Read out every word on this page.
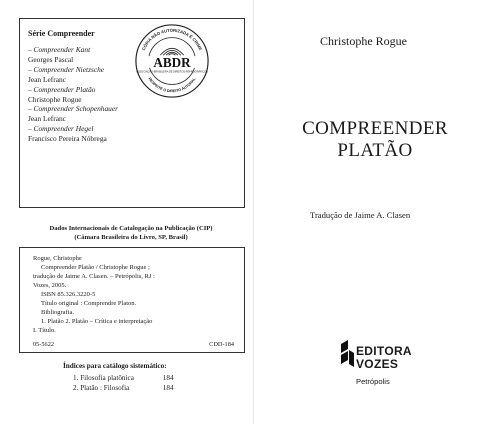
Série Compreender
– Compreender Kant
Georges Pascal
– Compreender Nietzsche
Jean Lefranc
– Compreender Platão
Christophe Rogue
– Compreender Schopenhauer
Jean Lefranc
– Compreender Hegel
Francisco Pereira Nóbrega
ABDR
CÓPIA NÃO AUTORIZADA É CRIME
ASSOCIAÇÃO BRASILEIRA DE DIREITOS REPROGRÁFICOS
RESPEITE O DIREITO AUTORAL
Dados Internacionais de Catalogação na Publicação (CIP)
(Câmara Brasileira do Livro, SP, Brasil)
Rogue, Christophe
Compreender Platão / Christophe Rogue ;
tradução de Jaime A. Clasen. – Petrópolis, RJ :
Vozes, 2005.
ISBN 85.326.3220-5
Título original : Comprendre Platon.
Bibliografia.
1. Platão 2. Platão – Crítica e interpretação
I. Título.
05-5622	CDD-184
Índices para catálogo sistemático:
1. Filosofia platônica	184
2. Platão : Filosofia	184
Christophe Rogue
COMPREENDER
PLATÃO
Tradução de Jaime A. Clasen
EDITORA
VOZES
Petrópolis
